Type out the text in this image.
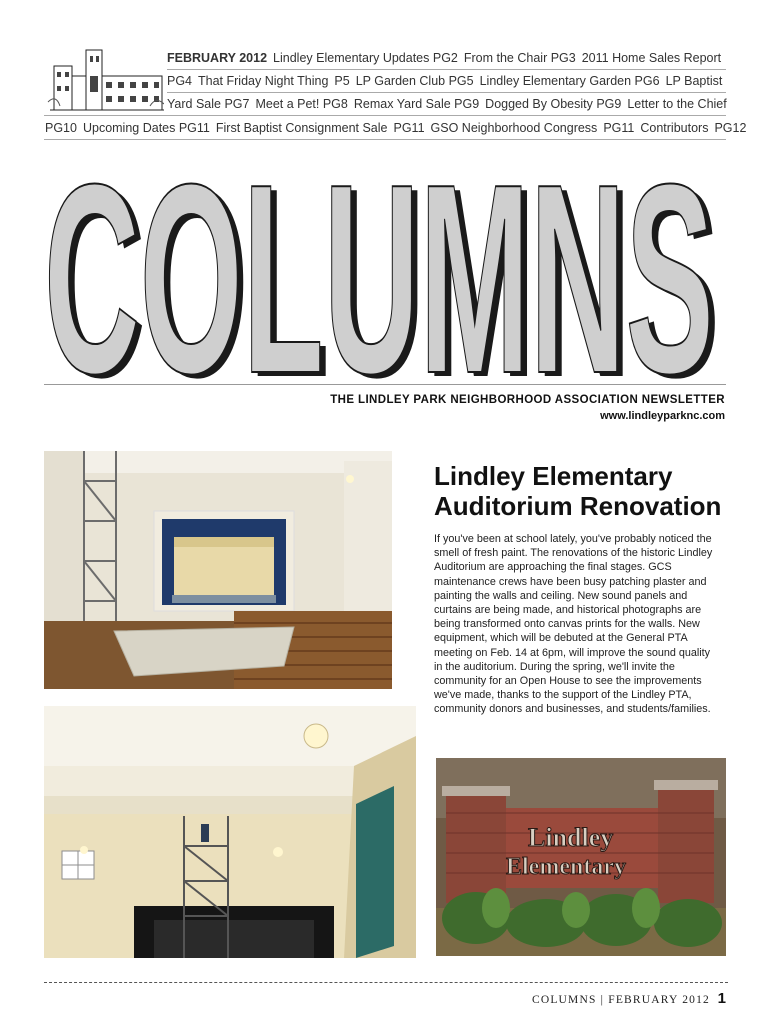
FEBRUARY 2012 Lindley Elementary Updates PG2 From the Chair PG3 2011 Home Sales Report
PG4 That Friday Night Thing P5 LP Garden Club PG5 Lindley Elementary Garden PG6 LP Baptist
Yard Sale PG7 Meet a Pet! PG8 Remax Yard Sale PG9 Dogged By Obesity PG9 Letter to the Chief
PG10 Upcoming Dates PG11 First Baptist Consignment Sale PG11 GSO Neighborhood Congress PG11 Contributors PG12
COLUMNS
COLUMNS
THE LINDLEY PARK NEIGHBORHOOD ASSOCIATION NEWSLETTER
www.lindleyparknc.com
Lindley Elementary
Auditorium Renovation
If you've been at school lately, you've probably noticed the smell of fresh paint. The renovations of the historic Lindley Auditorium are approaching the final stages. GCS maintenance crews have been busy patching plaster and painting the walls and ceiling. New sound panels and curtains are being made, and historical photographs are being transformed onto canvas prints for the walls. New equipment, which will be debuted at the General PTA meeting on Feb. 14 at 6pm, will improve the sound quality in the auditorium. During the spring, we'll invite the community for an Open House to see the improvements we've made, thanks to the support of the Lindley PTA, community donors and businesses, and students/families.
Lindley
Elementary
COLUMNS | FEBRUARY 2012 1
